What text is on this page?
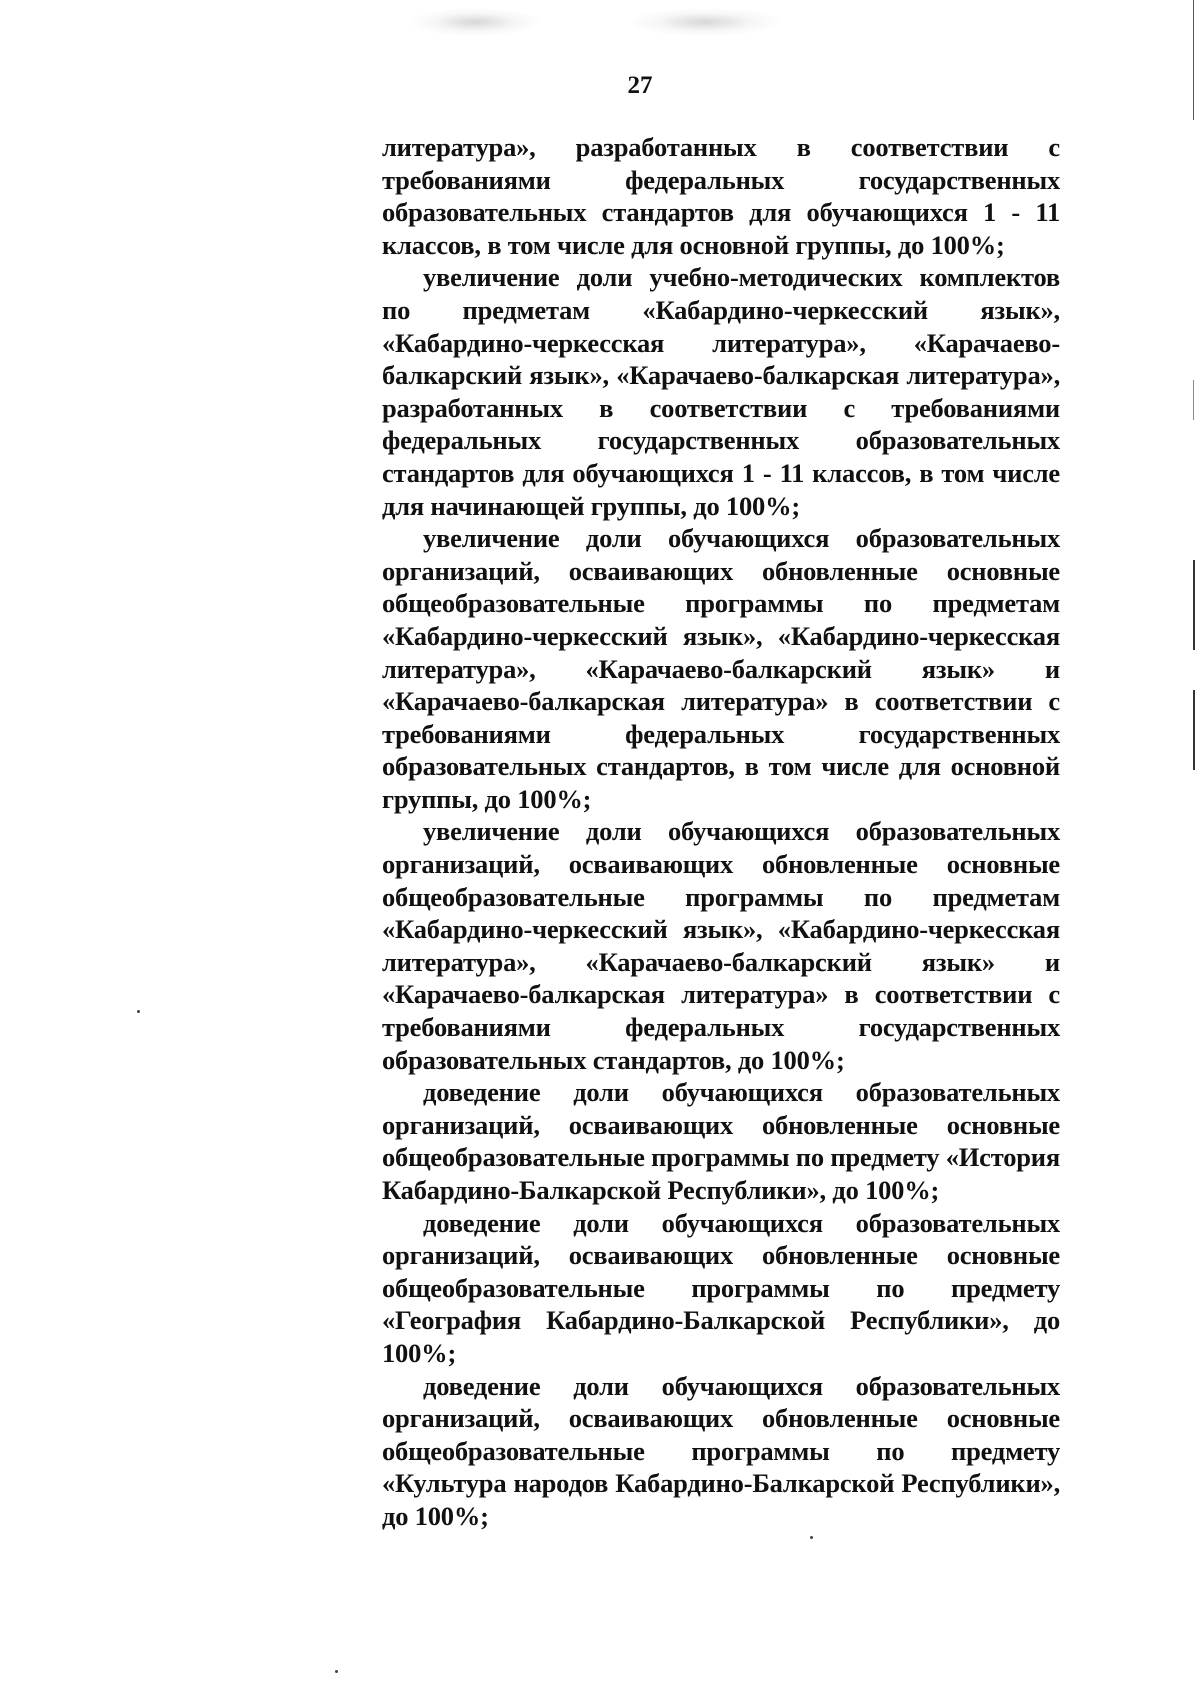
27

литература», разработанных в соответствии с требованиями федеральных государственных образовательных стандартов для обучающихся 1 - 11 классов, в том числе для основной группы, до 100%;

увеличение доли учебно-методических комплектов по предметам «Кабардино-черкесский язык», «Кабардино-черкесская литература», «Карачаево-балкарский язык», «Карачаево-балкарская литература», разработанных в соответствии с требованиями федеральных государственных образовательных стандартов для обучающихся 1 - 11 классов, в том числе для начинающей группы, до 100%;

увеличение доли обучающихся образовательных организаций, осваивающих обновленные основные общеобразовательные программы по предметам «Кабардино-черкесский язык», «Кабардино-черкесская литература», «Карачаево-балкарский язык» и «Карачаево-балкарская литература» в соответствии с требованиями федеральных государственных образовательных стандартов, в том числе для основной группы, до 100%;

увеличение доли обучающихся образовательных организаций, осваивающих обновленные основные общеобразовательные программы по предметам «Кабардино-черкесский язык», «Кабардино-черкесская литература», «Карачаево-балкарский язык» и «Карачаево-балкарская литература» в соответствии с требованиями федеральных государственных образовательных стандартов, до 100%;

доведение доли обучающихся образовательных организаций, осваивающих обновленные основные общеобразовательные программы по предмету «История Кабардино-Балкарской Республики», до 100%;

доведение доли обучающихся образовательных организаций, осваивающих обновленные основные общеобразовательные программы по предмету «География Кабардино-Балкарской Республики», до 100%;

доведение доли обучающихся образовательных организаций, осваивающих обновленные основные общеобразовательные программы по предмету «Культура народов Кабардино-Балкарской Республики», до 100%;
